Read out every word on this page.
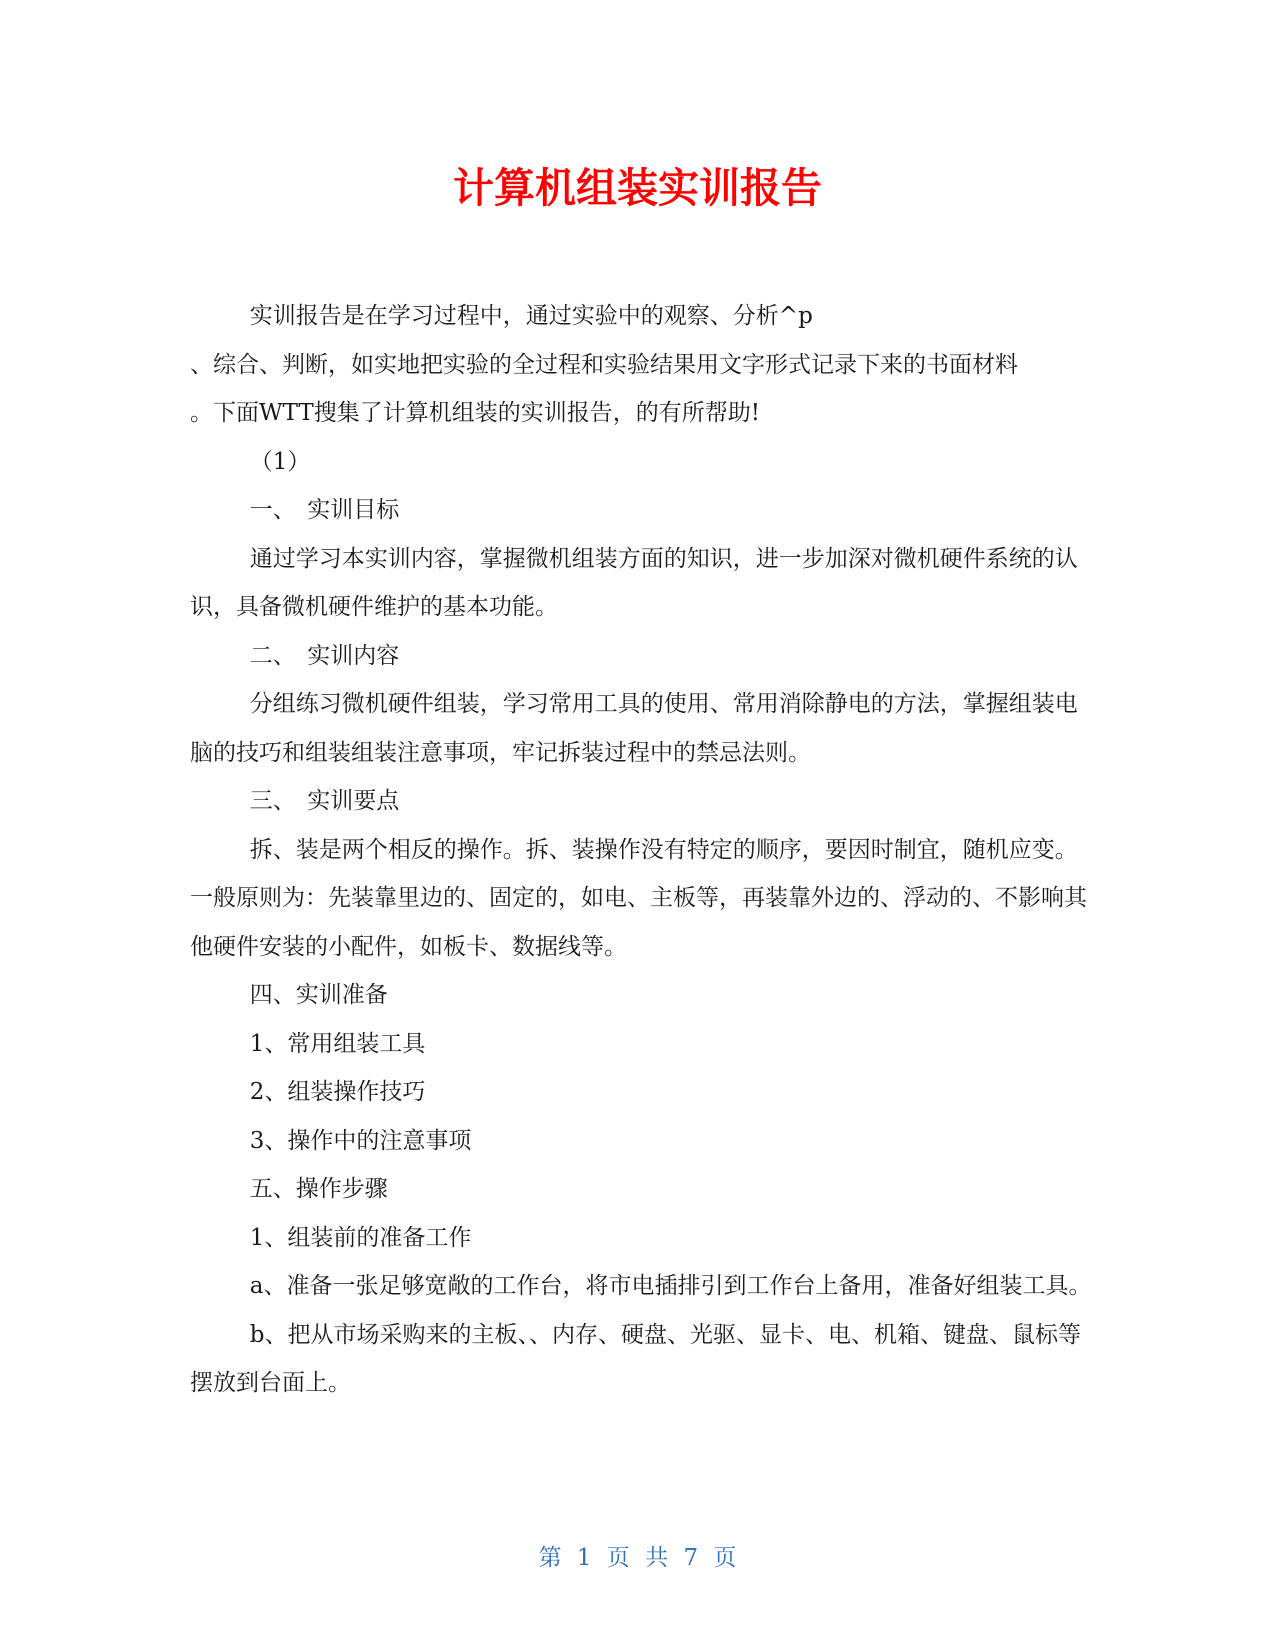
计算机组装实训报告

实训报告是在学习过程中，通过实验中的观察、分析^p

、综合、判断，如实地把实验的全过程和实验结果用文字形式记录下来的书面材料

。下面WTT搜集了计算机组装的实训报告，的有所帮助!

（1）

一、　实训目标

通过学习本实训内容，掌握微机组装方面的知识，进一步加深对微机硬件系统的认识，具备微机硬件维护的基本功能。

二、　实训内容

分组练习微机硬件组装，学习常用工具的使用、常用消除静电的方法，掌握组装电脑的技巧和组装组装注意事项，牢记拆装过程中的禁忌法则。

三、　实训要点

拆、装是两个相反的操作。拆、装操作没有特定的顺序，要因时制宜，随机应变。一般原则为：先装靠里边的、固定的，如电、主板等，再装靠外边的、浮动的、不影响其他硬件安装的小配件，如板卡、数据线等。

四、实训准备

1、常用组装工具

2、组装操作技巧

3、操作中的注意事项

五、操作步骤

1、组装前的准备工作

a、准备一张足够宽敞的工作台，将市电插排引到工作台上备用，准备好组装工具。

b、把从市场采购来的主板、、内存、硬盘、光驱、显卡、电、机箱、键盘、鼠标等摆放到台面上。

第 1 页 共 7 页
